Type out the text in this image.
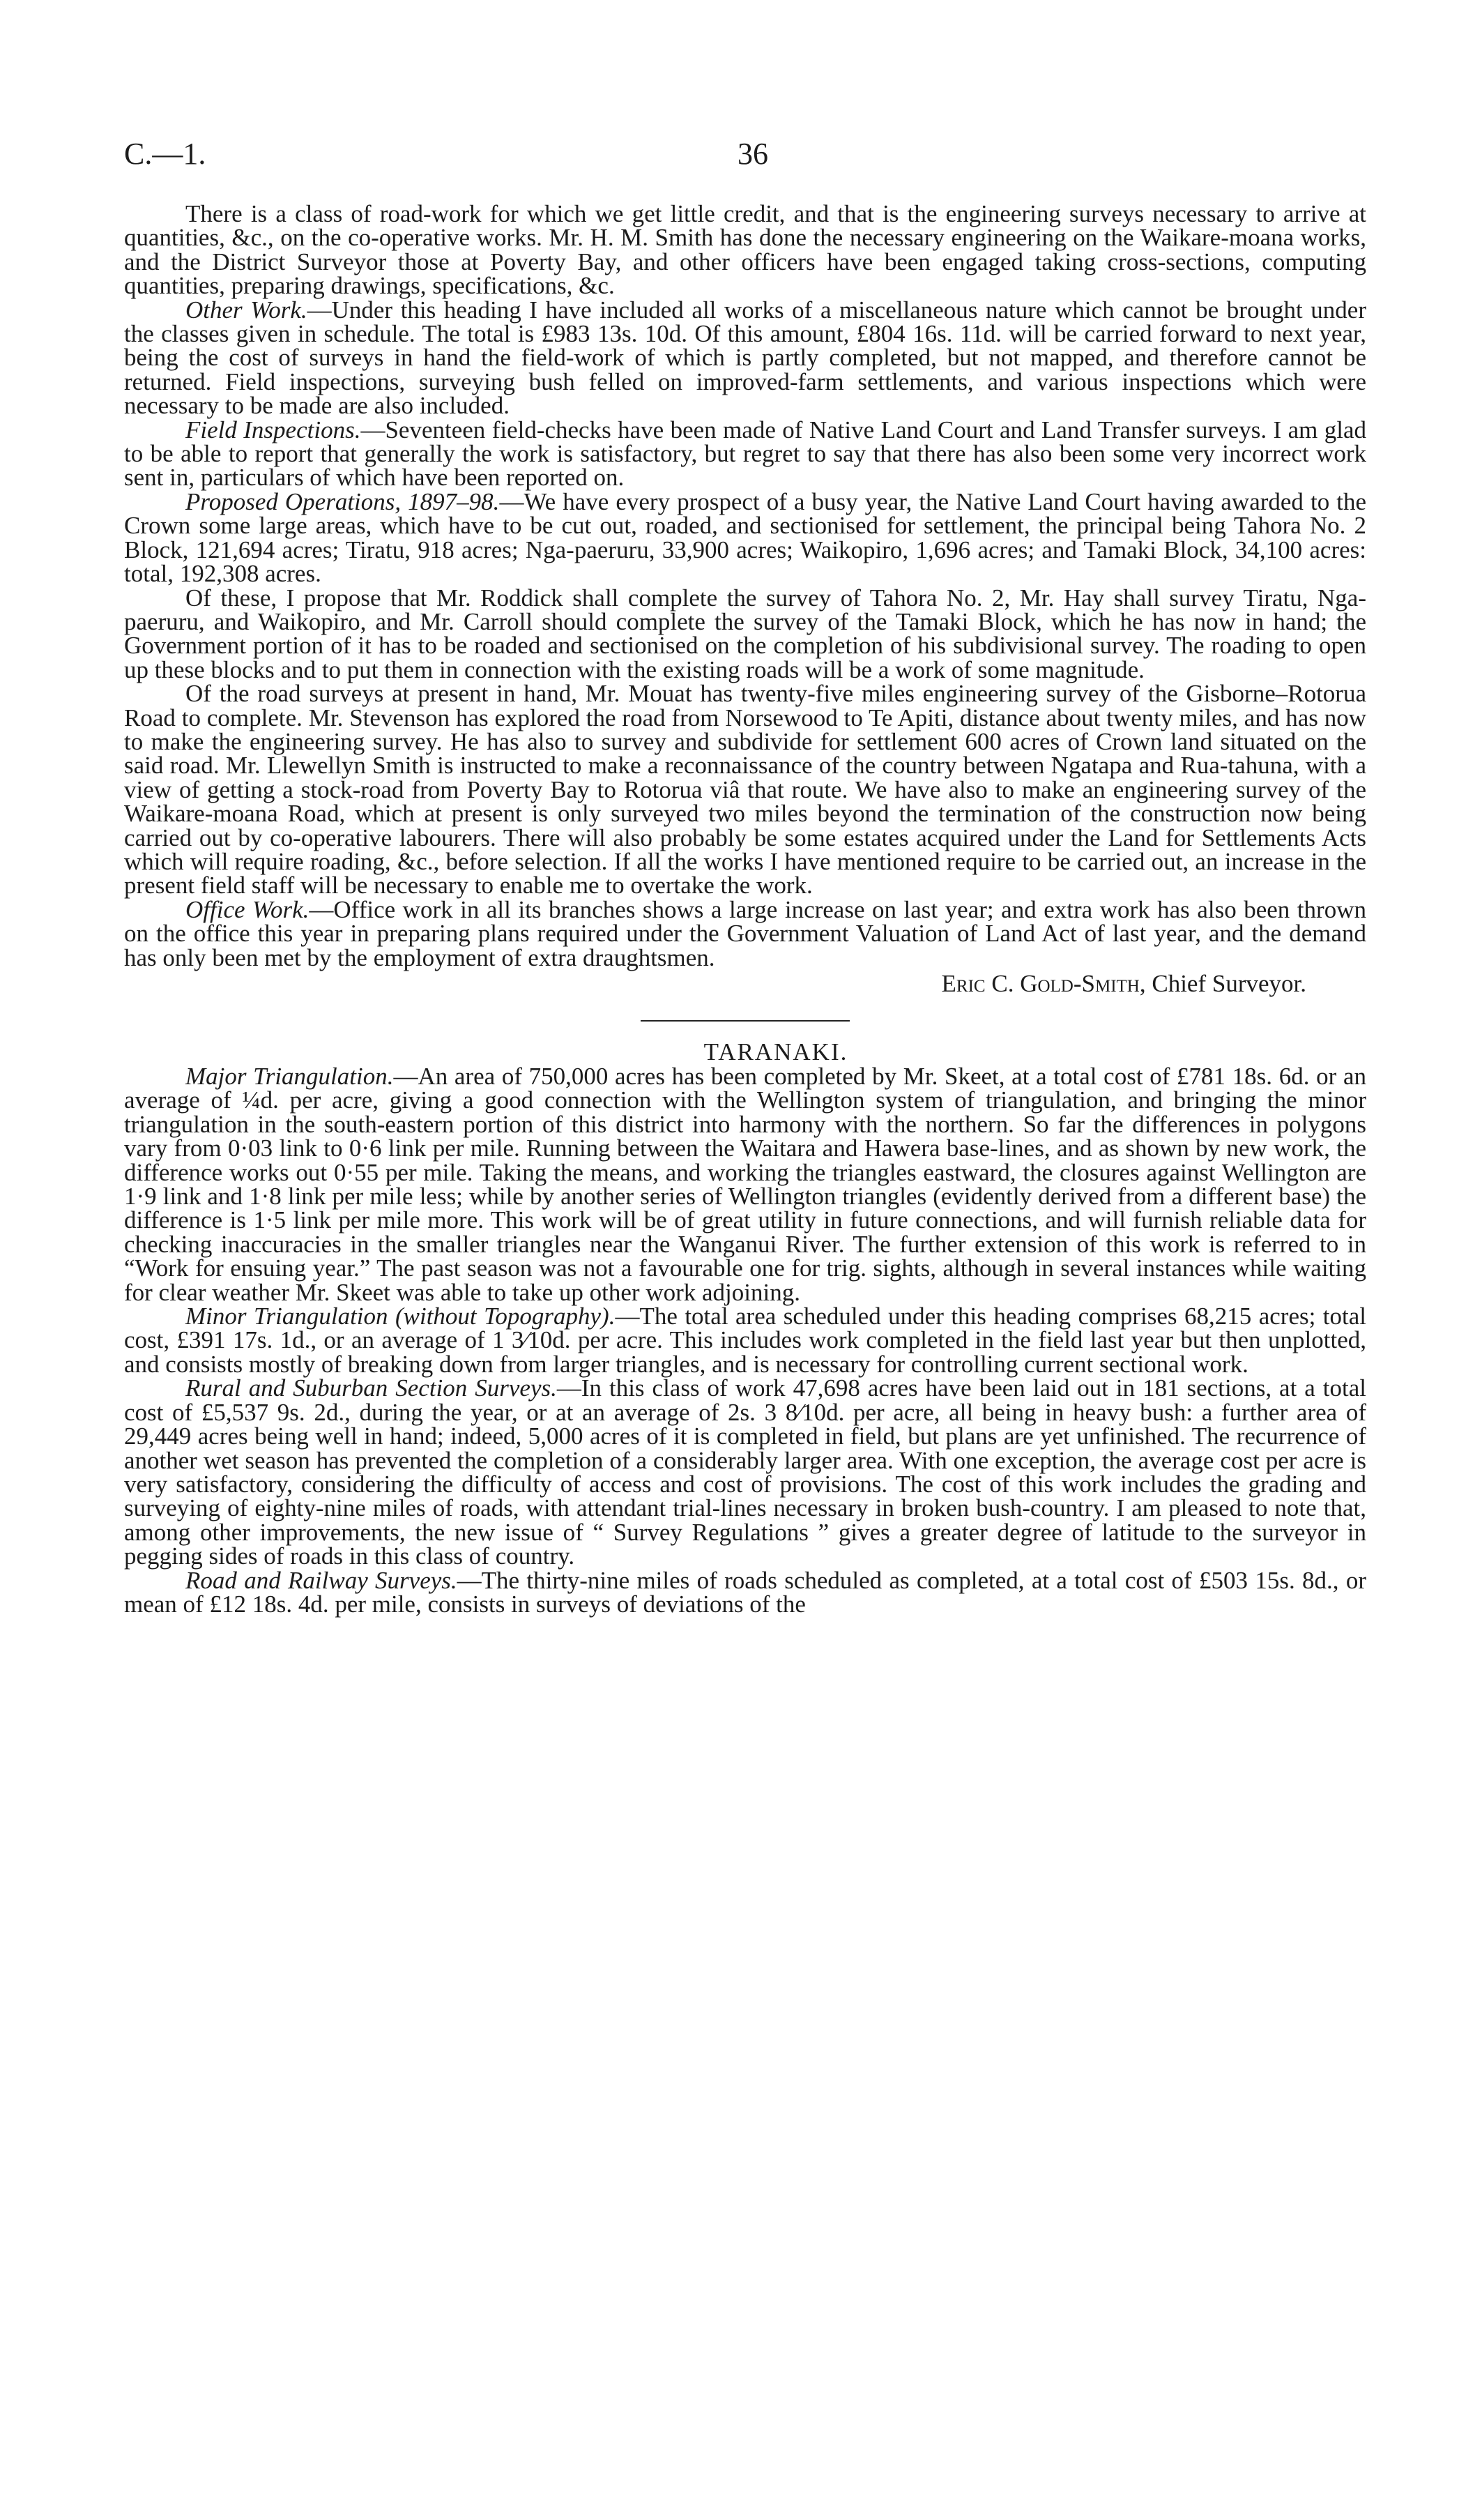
C.—1.	36

There is a class of road-work for which we get little credit, and that is the engineering surveys necessary to arrive at quantities, &c., on the co-operative works. Mr. H. M. Smith has done the necessary engineering on the Waikare-moana works, and the District Surveyor those at Poverty Bay, and other officers have been engaged taking cross-sections, computing quantities, preparing drawings, specifications, &c.

Other Work.—Under this heading I have included all works of a miscellaneous nature which cannot be brought under the classes given in schedule. The total is £983 13s. 10d. Of this amount, £804 16s. 11d. will be carried forward to next year, being the cost of surveys in hand the field-work of which is partly completed, but not mapped, and therefore cannot be returned. Field inspections, surveying bush felled on improved-farm settlements, and various inspections which were necessary to be made are also included.

Field Inspections.—Seventeen field-checks have been made of Native Land Court and Land Transfer surveys. I am glad to be able to report that generally the work is satisfactory, but regret to say that there has also been some very incorrect work sent in, particulars of which have been reported on.

Proposed Operations, 1897–98.—We have every prospect of a busy year, the Native Land Court having awarded to the Crown some large areas, which have to be cut out, roaded, and sectionised for settlement, the principal being Tahora No. 2 Block, 121,694 acres; Tiratu, 918 acres; Nga-paeruru, 33,900 acres; Waikopiro, 1,696 acres; and Tamaki Block, 34,100 acres: total, 192,308 acres.

Of these, I propose that Mr. Roddick shall complete the survey of Tahora No. 2, Mr. Hay shall survey Tiratu, Nga-paeruru, and Waikopiro, and Mr. Carroll should complete the survey of the Tamaki Block, which he has now in hand; the Government portion of it has to be roaded and sectionised on the completion of his subdivisional survey. The roading to open up these blocks and to put them in connection with the existing roads will be a work of some magnitude.

Of the road surveys at present in hand, Mr. Mouat has twenty-five miles engineering survey of the Gisborne–Rotorua Road to complete. Mr. Stevenson has explored the road from Norsewood to Te Apiti, distance about twenty miles, and has now to make the engineering survey. He has also to survey and subdivide for settlement 600 acres of Crown land situated on the said road. Mr. Llewellyn Smith is instructed to make a reconnaissance of the country between Ngatapa and Rua-tahuna, with a view of getting a stock-road from Poverty Bay to Rotorua viâ that route. We have also to make an engineering survey of the Waikare-moana Road, which at present is only surveyed two miles beyond the termination of the construction now being carried out by co-operative labourers. There will also probably be some estates acquired under the Land for Settlements Acts which will require roading, &c., before selection. If all the works I have mentioned require to be carried out, an increase in the present field staff will be necessary to enable me to overtake the work.

Office Work.—Office work in all its branches shows a large increase on last year; and extra work has also been thrown on the office this year in preparing plans required under the Government Valuation of Land Act of last year, and the demand has only been met by the employment of extra draughtsmen.

Eric C. Gold-Smith, Chief Surveyor.

TARANAKI.

Major Triangulation.—An area of 750,000 acres has been completed by Mr. Skeet, at a total cost of £781 18s. 6d. or an average of ¼d. per acre, giving a good connection with the Wellington system of triangulation, and bringing the minor triangulation in the south-eastern portion of this district into harmony with the northern. So far the differences in polygons vary from 0·03 link to 0·6 link per mile. Running between the Waitara and Hawera base-lines, and as shown by new work, the difference works out 0·55 per mile. Taking the means, and working the triangles eastward, the closures against Wellington are 1·9 link and 1·8 link per mile less; while by another series of Wellington triangles (evidently derived from a different base) the difference is 1·5 link per mile more. This work will be of great utility in future connections, and will furnish reliable data for checking inaccuracies in the smaller triangles near the Wanganui River. The further extension of this work is referred to in “Work for ensuing year.” The past season was not a favourable one for trig. sights, although in several instances while waiting for clear weather Mr. Skeet was able to take up other work adjoining.

Minor Triangulation (without Topography).—The total area scheduled under this heading comprises 68,215 acres; total cost, £391 17s. 1d., or an average of 1 3⁄10d. per acre. This includes work completed in the field last year but then unplotted, and consists mostly of breaking down from larger triangles, and is necessary for controlling current sectional work.

Rural and Suburban Section Surveys.—In this class of work 47,698 acres have been laid out in 181 sections, at a total cost of £5,537 9s. 2d., during the year, or at an average of 2s. 3 8⁄10d. per acre, all being in heavy bush: a further area of 29,449 acres being well in hand; indeed, 5,000 acres of it is completed in field, but plans are yet unfinished. The recurrence of another wet season has prevented the completion of a considerably larger area. With one exception, the average cost per acre is very satisfactory, considering the difficulty of access and cost of provisions. The cost of this work includes the grading and surveying of eighty-nine miles of roads, with attendant trial-lines necessary in broken bush-country. I am pleased to note that, among other improvements, the new issue of “ Survey Regulations ” gives a greater degree of latitude to the surveyor in pegging sides of roads in this class of country.

Road and Railway Surveys.—The thirty-nine miles of roads scheduled as completed, at a total cost of £503 15s. 8d., or mean of £12 18s. 4d. per mile, consists in surveys of deviations of the
